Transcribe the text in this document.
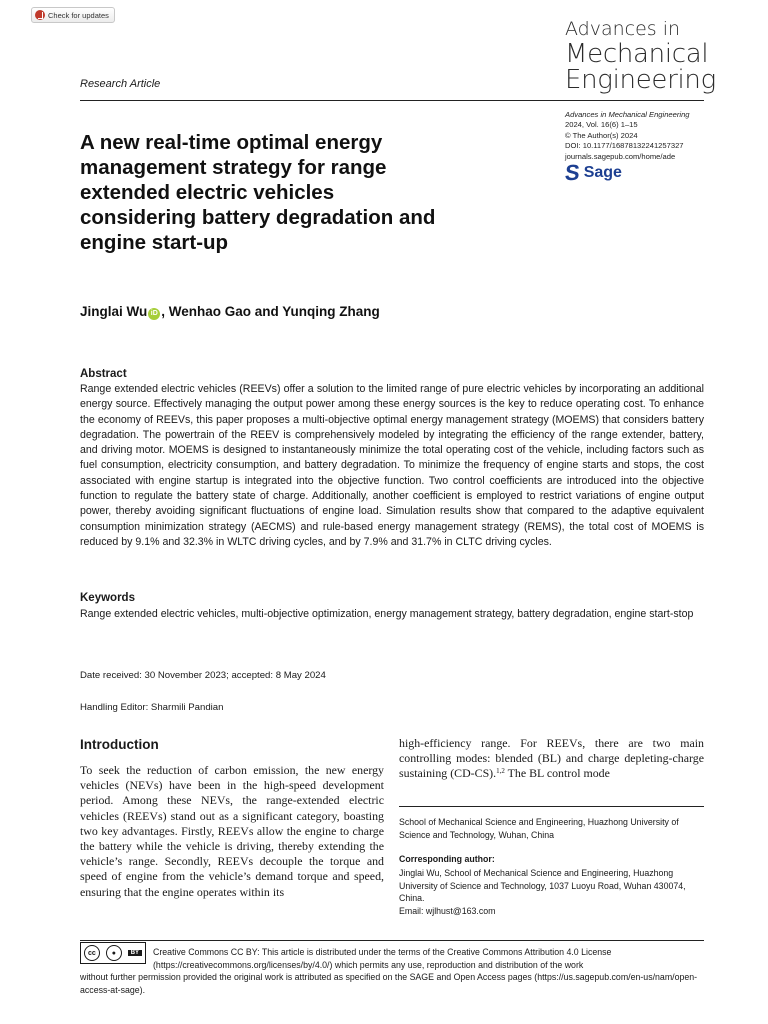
Check for updates
Advances in
Mechanical
Engineering
Research Article
Advances in Mechanical Engineering
2024, Vol. 16(6) 1–15
© The Author(s) 2024
DOI: 10.1177/16878132241257327
journals.sagepub.com/home/ade
S Sage
A new real-time optimal energy management strategy for range extended electric vehicles considering battery degradation and engine start-up
Jinglai Wu iD , Wenhao Gao and Yunqing Zhang
Abstract
Range extended electric vehicles (REEVs) offer a solution to the limited range of pure electric vehicles by incorporating an additional energy source. Effectively managing the output power among these energy sources is the key to reduce operating cost. To enhance the economy of REEVs, this paper proposes a multi-objective optimal energy management strategy (MOEMS) that considers battery degradation. The powertrain of the REEV is comprehensively modeled by integrating the efficiency of the range extender, battery, and driving motor. MOEMS is designed to instantaneously minimize the total operating cost of the vehicle, including factors such as fuel consumption, electricity consumption, and battery degradation. To minimize the frequency of engine starts and stops, the cost associated with engine startup is integrated into the objective function. Two control coefficients are introduced into the objective function to regulate the battery state of charge. Additionally, another coefficient is employed to restrict variations of engine output power, thereby avoiding significant fluctuations of engine load. Simulation results show that compared to the adaptive equivalent consumption minimization strategy (AECMS) and rule-based energy management strategy (REMS), the total cost of MOEMS is reduced by 9.1% and 32.3% in WLTC driving cycles, and by 7.9% and 31.7% in CLTC driving cycles.
Keywords
Range extended electric vehicles, multi-objective optimization, energy management strategy, battery degradation, engine start-stop
Date received: 30 November 2023; accepted: 8 May 2024
Handling Editor: Sharmili Pandian
Introduction
To seek the reduction of carbon emission, the new energy vehicles (NEVs) have been in the high-speed development period. Among these NEVs, the range-extended electric vehicles (REEVs) stand out as a significant category, boasting two key advantages. Firstly, REEVs allow the engine to charge the battery while the vehicle is driving, thereby extending the vehicle’s range. Secondly, REEVs decouple the torque and speed of engine from the vehicle’s demand torque and speed, ensuring that the engine operates within its
high-efficiency range. For REEVs, there are two main controlling modes: blended (BL) and charge depleting-charge sustaining (CD-CS).$^{1,2}$ The BL control mode
School of Mechanical Science and Engineering, Huazhong University of Science and Technology, Wuhan, China
Corresponding author:
Jinglai Wu, School of Mechanical Science and Engineering, Huazhong University of Science and Technology, 1037 Luoyu Road, Wuhan 430074, China.
Email: wjlhust@163.com
cc	●	BY	Creative Commons CC BY: This article is distributed under the terms of the Creative Commons Attribution 4.0 License (https://creativecommons.org/licenses/by/4.0/) which permits any use, reproduction and distribution of the work
without further permission provided the original work is attributed as specified on the SAGE and Open Access pages (https://us.sagepub.com/en-us/nam/open-access-at-sage).
